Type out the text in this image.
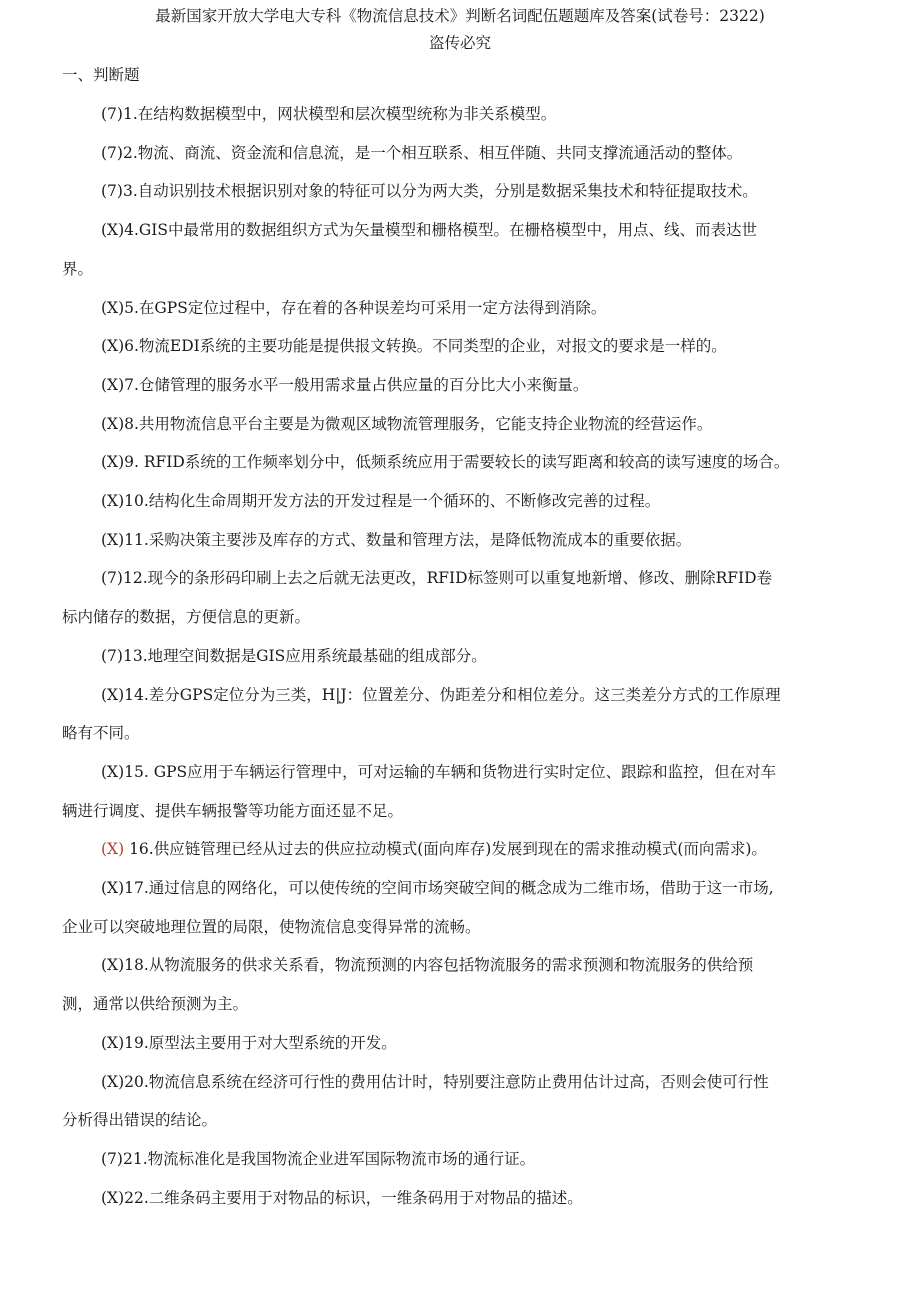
最新国家开放大学电大专科《物流信息技术》判断名词配伍题题库及答案(试卷号：2322)
盗传必究
一、判断题
(7)1.在结构数据模型中，网状模型和层次模型统称为非关系模型。
(7)2.物流、商流、资金流和信息流，是一个相互联系、相互伴随、共同支撑流通活动的整体。
(7)3.自动识别技术根据识别对象的特征可以分为两大类，分别是数据采集技术和特征提取技术。
(X)4.GIS中最常用的数据组织方式为矢量模型和栅格模型。在栅格模型中，用点、线、而表达世
界。
(X)5.在GPS定位过程中，存在着的各种误差均可采用一定方法得到消除。
(X)6.物流EDI系统的主要功能是提供报文转换。不同类型的企业，对报文的要求是一样的。
(X)7.仓储管理的服务水平一般用需求量占供应量的百分比大小来衡量。
(X)8.共用物流信息平台主要是为微观区域物流管理服务，它能支持企业物流的经营运作。
(X)9. RFID系统的工作频率划分中，低频系统应用于需要较长的读写距离和较高的读写速度的场合。
(X)10.结构化生命周期开发方法的开发过程是一个循环的、不断修改完善的过程。
(X)11.采购决策主要涉及库存的方式、数量和管理方法，是降低物流成本的重要依据。
(7)12.现今的条形码印刷上去之后就无法更改，RFID标签则可以重复地新增、修改、删除RFID卷
标内储存的数据，方便信息的更新。
(7)13.地理空间数据是GIS应用系统最基础的组成部分。
(X)14.差分GPS定位分为三类，H|J：位置差分、伪距差分和相位差分。这三类差分方式的工作原理
略有不同。
(X)15. GPS应用于车辆运行管理中，可对运输的车辆和货物进行实时定位、跟踪和监控，但在对车
辆进行调度、提供车辆报警等功能方面还显不足。
(X) 16.供应链管理已经从过去的供应拉动模式(面向库存)发展到现在的需求推动模式(而向需求)。
(X)17.通过信息的网络化，可以使传统的空间市场突破空间的概念成为二维市场，借助于这一市场,
企业可以突破地理位置的局限，使物流信息变得异常的流畅。
(X)18.从物流服务的供求关系看，物流预测的内容包括物流服务的需求预测和物流服务的供给预
测，通常以供给预测为主。
(X)19.原型法主要用于对大型系统的开发。
(X)20.物流信息系统在经济可行性的费用估计时，特别要注意防止费用估计过高，否则会使可行性
分析得出错误的结论。
(7)21.物流标准化是我国物流企业进军国际物流市场的通行证。
(X)22.二维条码主要用于对物品的标识，一维条码用于对物品的描述。
